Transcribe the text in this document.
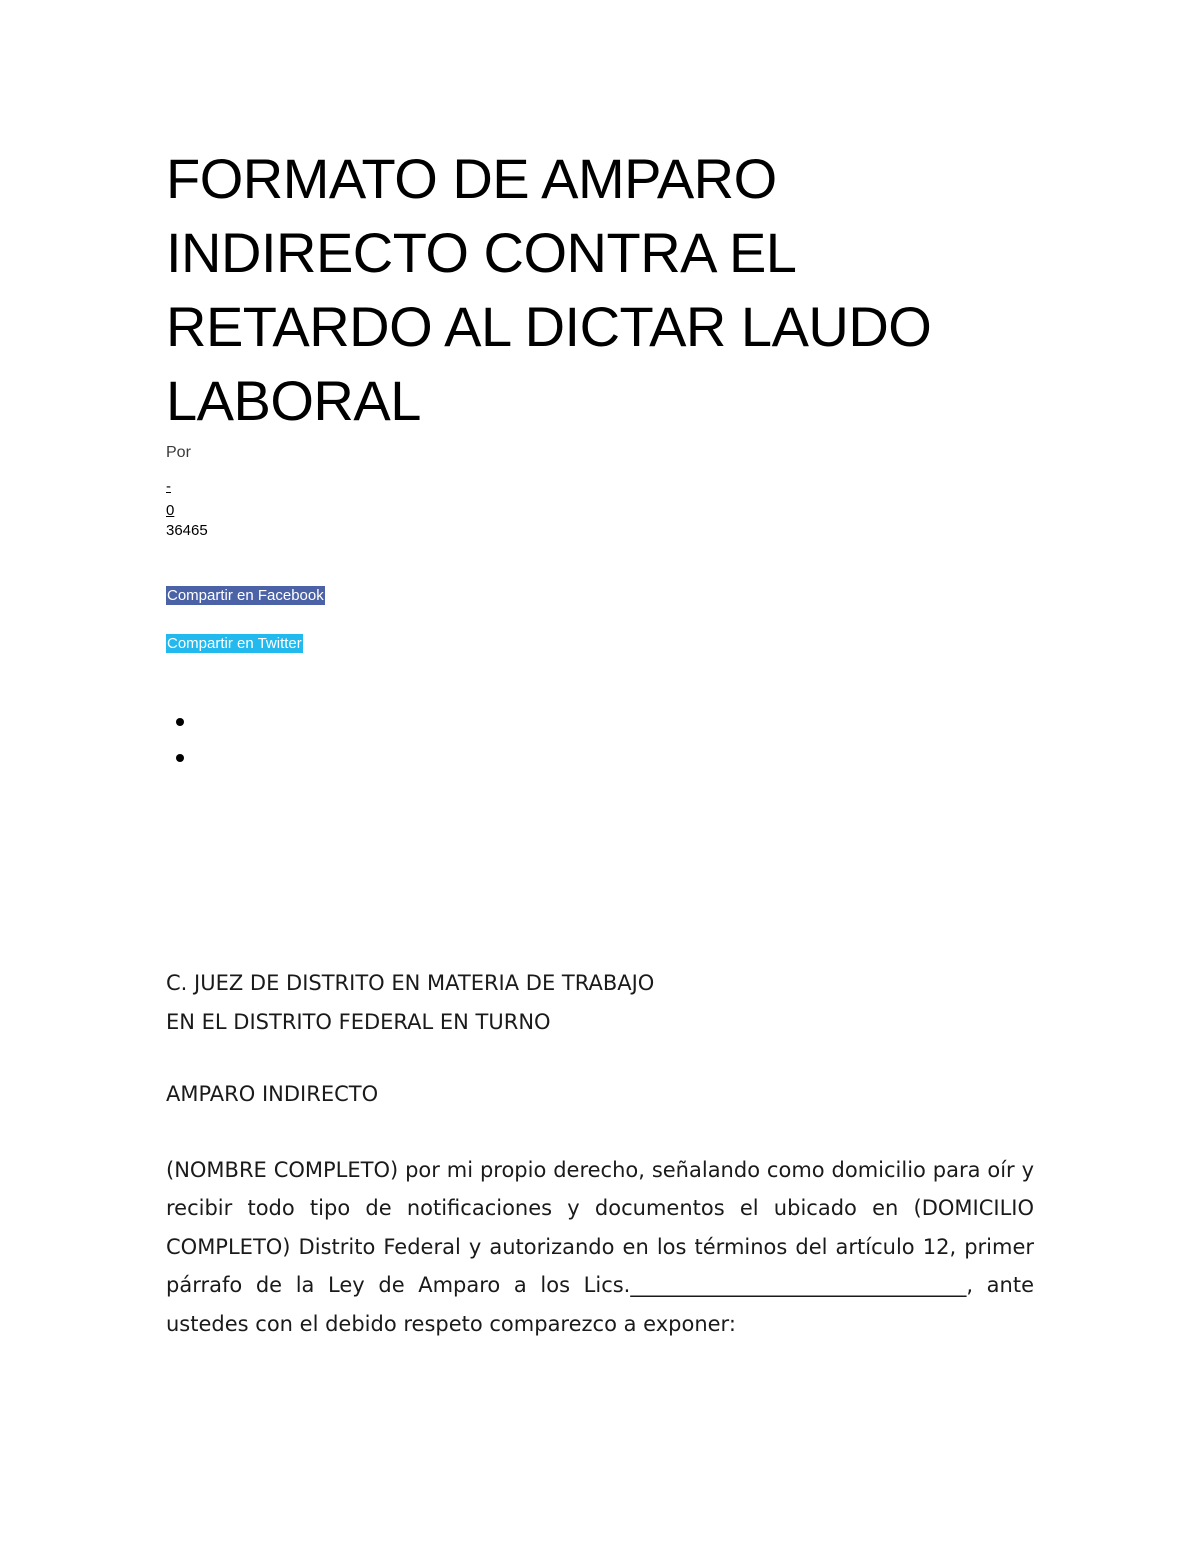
FORMATO DE AMPARO INDIRECTO CONTRA EL RETARDO AL DICTAR LAUDO LABORAL
Por
-
0
36465
Compartir en Facebook
Compartir en Twitter
C. JUEZ DE DISTRITO EN MATERIA DE TRABAJO
EN EL DISTRITO FEDERAL EN TURNO
AMPARO INDIRECTO

(NOMBRE COMPLETO) por mi propio derecho, señalando como domicilio para oír y recibir todo tipo de notificaciones y documentos el ubicado en (DOMICILIO COMPLETO) Distrito Federal y autorizando en los términos del artículo 12, primer párrafo de la Ley de Amparo a los Lics.________________________________, ante ustedes con el debido respeto comparezco a exponer:
